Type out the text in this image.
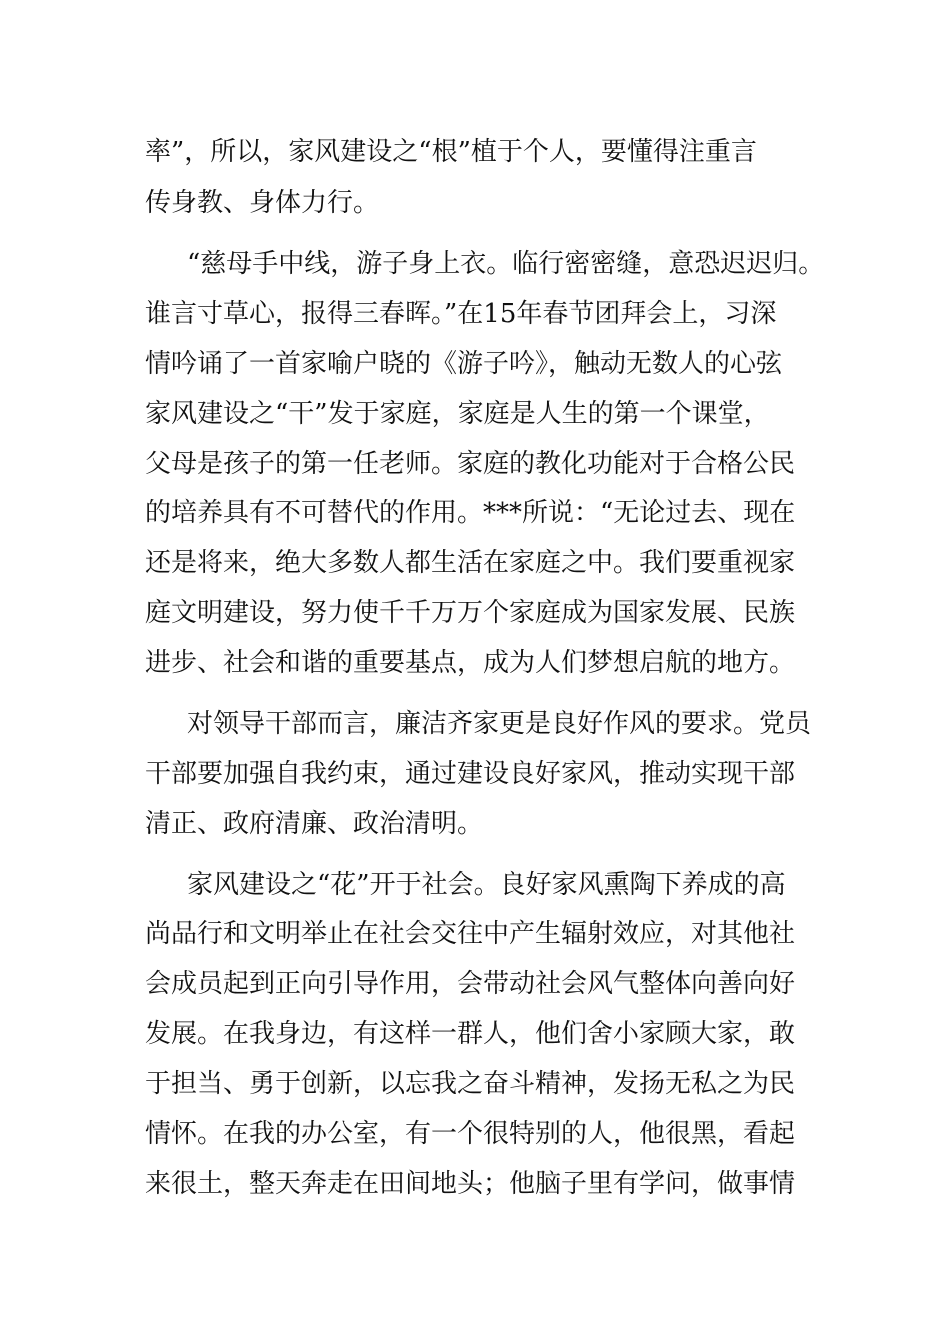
率”，所以，家风建设之“根”植于个人，要懂得注重言
传身教、身体力行。
“慈母手中线，游子身上衣。临行密密缝，意恐迟迟归。
谁言寸草心，报得三春晖。”在15年春节团拜会上，习深
情吟诵了一首家喻户晓的《游子吟》，触动无数人的心弦
家风建设之“干”发于家庭，家庭是人生的第一个课堂，
父母是孩子的第一任老师。家庭的教化功能对于合格公民
的培养具有不可替代的作用。***所说：“无论过去、现在
还是将来，绝大多数人都生活在家庭之中。我们要重视家
庭文明建设，努力使千千万万个家庭成为国家发展、民族
进步、社会和谐的重要基点，成为人们梦想启航的地方。
对领导干部而言，廉洁齐家更是良好作风的要求。党员
干部要加强自我约束，通过建设良好家风，推动实现干部
清正、政府清廉、政治清明。
家风建设之“花”开于社会。良好家风熏陶下养成的高
尚品行和文明举止在社会交往中产生辐射效应，对其他社
会成员起到正向引导作用，会带动社会风气整体向善向好
发展。在我身边，有这样一群人，他们舍小家顾大家，敢
于担当、勇于创新，以忘我之奋斗精神，发扬无私之为民
情怀。在我的办公室，有一个很特别的人，他很黑，看起
来很土，整天奔走在田间地头；他脑子里有学问，做事情
